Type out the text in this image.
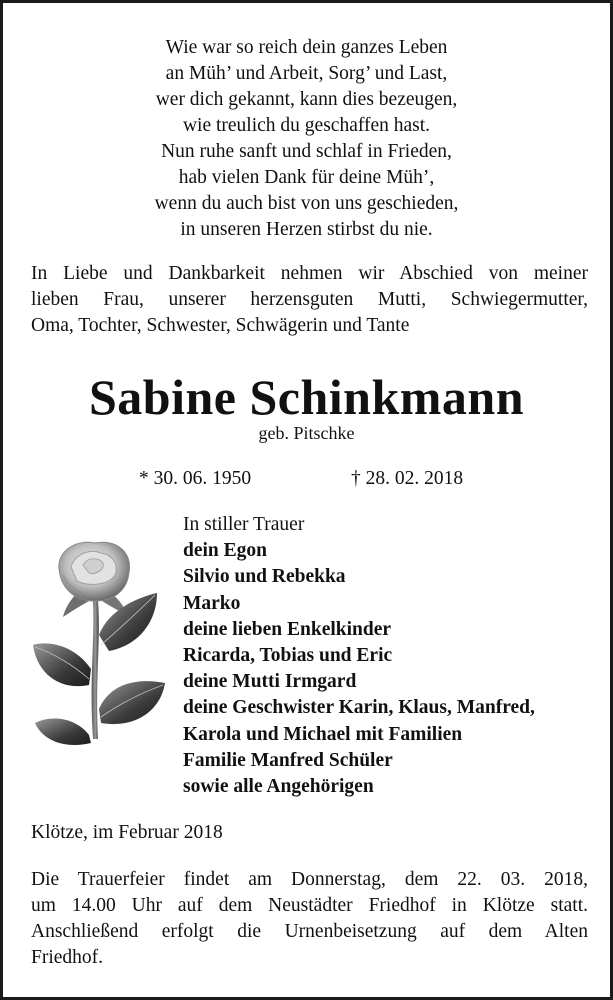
Wie war so reich dein ganzes Leben
an Müh’ und Arbeit, Sorg’ und Last,
wer dich gekannt, kann dies bezeugen,
wie treulich du geschaffen hast.
Nun ruhe sanft und schlaf in Frieden,
hab vielen Dank für deine Müh’,
wenn du auch bist von uns geschieden,
in unseren Herzen stirbst du nie.
In Liebe und Dankbarkeit nehmen wir Abschied von meiner
lieben Frau, unserer herzensguten Mutti, Schwiegermutter,
Oma, Tochter, Schwester, Schwägerin und Tante
Sabine Schinkmann
geb. Pitschke
* 30. 06. 1950	† 28. 02. 2018
In stiller Trauer
dein Egon
Silvio und Rebekka
Marko
deine lieben Enkelkinder
Ricarda, Tobias und Eric
deine Mutti Irmgard
deine Geschwister Karin, Klaus, Manfred,
Karola und Michael mit Familien
Familie Manfred Schüler
sowie alle Angehörigen
Klötze, im Februar 2018
Die Trauerfeier findet am Donnerstag, dem 22. 03. 2018,
um 14.00 Uhr auf dem Neustädter Friedhof in Klötze statt.
Anschließend erfolgt die Urnenbeisetzung auf dem Alten
Friedhof.
